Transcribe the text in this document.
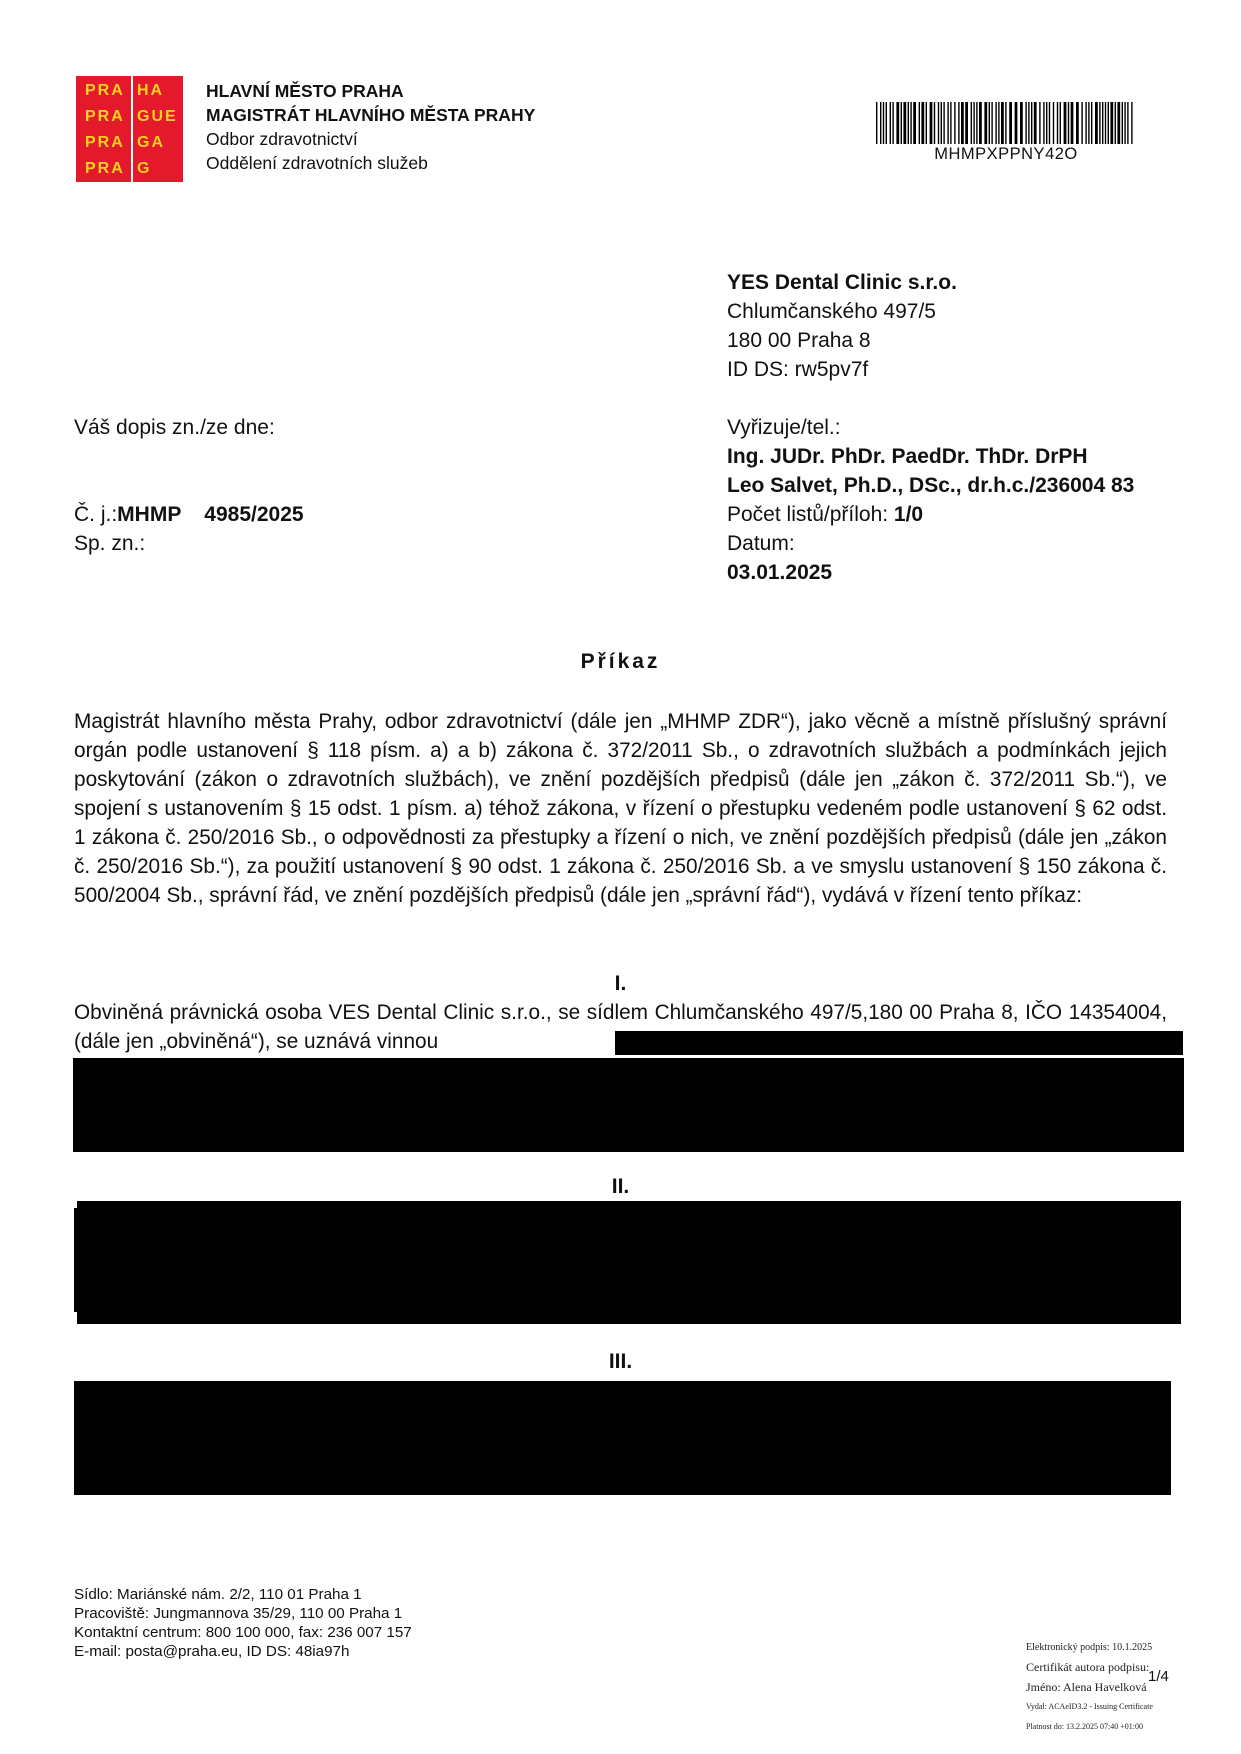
PRA HA
PRA GUE
PRA GA
PRA G
HLAVNÍ MĚSTO PRAHA
MAGISTRÁT HLAVNÍHO MĚSTA PRAHY
Odbor zdravotnictví
Oddělení zdravotních služeb	MHMPXPPNY42O
YES Dental Clinic s.r.o.
Chlumčanského 497/5
180 00 Praha 8
ID DS: rw5pv7f
Váš dopis zn./ze dne:
Č. j.:MHMP    4985/2025
Sp. zn.:
Vyřizuje/tel.:
Ing. JUDr. PhDr. PaedDr. ThDr. DrPH
Leo Salvet, Ph.D., DSc., dr.h.c./236004 83
Počet listů/příloh: 1/0
Datum:
03.01.2025
Příkaz
Magistrát hlavního města Prahy, odbor zdravotnictví (dále jen „MHMP ZDR“), jako věcně a místně příslušný správní orgán podle ustanovení § 118 písm. a) a b) zákona č. 372/2011 Sb., o zdravotních službách a podmínkách jejich poskytování (zákon o zdravotních službách), ve znění pozdějších předpisů (dále jen „zákon č. 372/2011 Sb.“), ve spojení s ustanovením § 15 odst. 1 písm. a) téhož zákona, v řízení o přestupku vedeném podle ustanovení § 62 odst. 1 zákona č. 250/2016 Sb., o odpovědnosti za přestupky a řízení o nich, ve znění pozdějších předpisů (dále jen „zákon č. 250/2016 Sb.“), za použití ustanovení § 90 odst. 1 zákona č. 250/2016 Sb. a ve smyslu ustanovení § 150 zákona č. 500/2004 Sb., správní řád, ve znění pozdějších předpisů (dále jen „správní řád“), vydává v řízení tento příkaz:
I.
Obviněná právnická osoba VES Dental Clinic s.r.o., se sídlem Chlumčanského 497/5,180 00 Praha 8, IČO 14354004, (dále jen „obviněná“), se uznává vinnou
II.
III.
Sídlo: Mariánské nám. 2/2, 110 01 Praha 1
Pracoviště: Jungmannova 35/29, 110 00 Praha 1
Kontaktní centrum: 800 100 000, fax: 236 007 157
E-mail: posta@praha.eu, ID DS: 48ia97h	Elektronický podpis: 10.1.2025
Certifikát autora podpisu:
Jméno: Alena Havelková
Vydal: ACAeID3.2 - Issuing Certificate
Platnost do: 13.2.2025 07:40 +01:00
1/4
